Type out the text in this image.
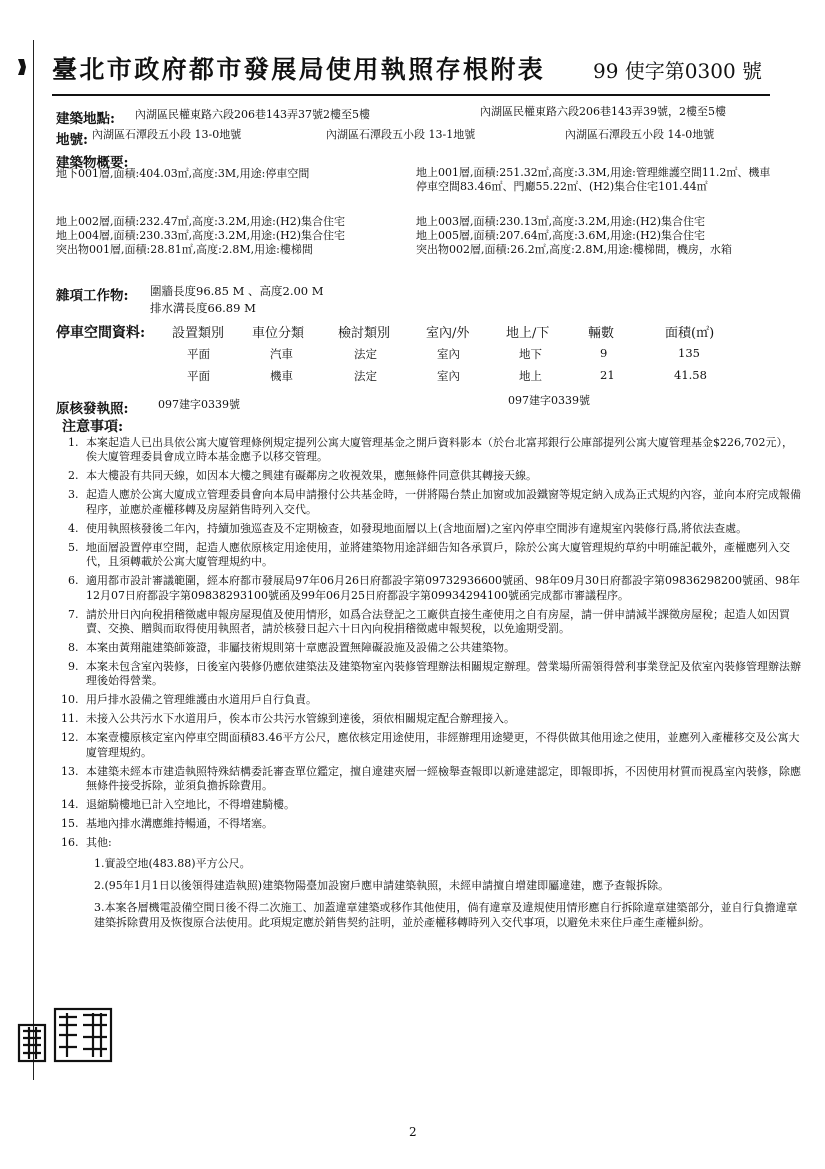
臺北市政府都市發展局使用執照存根附表 99 使字第0300 號
建築地點: 內湖區民權東路六段206巷143弄37號2樓至5樓	內湖區民權東路六段206巷143弄39號，2樓至5樓
地號: 內湖區石潭段五小段 13-0地號	內湖區石潭段五小段 13-1地號	內湖區石潭段五小段 14-0地號
建築物概要:
地下001層,面積:404.03㎡,高度:3M,用途:停車空間	地上001層,面積:251.32㎡,高度:3.3M,用途:管理維護空間11.2㎡、機車停車空間83.46㎡、門廳55.22㎡、(H2)集合住宅101.44㎡
地上002層,面積:232.47㎡,高度:3.2M,用途:(H2)集合住宅
地上004層,面積:230.33㎡,高度:3.2M,用途:(H2)集合住宅
突出物001層,面積:28.81㎡,高度:2.8M,用途:樓梯間
地上003層,面積:230.13㎡,高度:3.2M,用途:(H2)集合住宅
地上005層,面積:207.64㎡,高度:3.6M,用途:(H2)集合住宅
突出物002層,面積:26.2㎡,高度:2.8M,用途:樓梯間，機房，水箱
雜項工作物: 圍牆長度96.85 M 、高度2.00 M
排水溝長度66.89 M
停車空間資料: 設置類別 車位分類	檢討類別	室內/外	地上/下	輛數	面積(㎡)
平面	汽車	法定	室內	地下	9	135
平面	機車	法定	室內	地上	21	41.58
原核發執照:	097建字0339號	097建字0339號
注意事項:
1. 本案起造人已出具依公寓大廈管理條例規定提列公寓大廈管理基金之開戶資料影本（於台北富邦銀行公庫部提列公寓大廈管理基金$226,702元），俟大廈管理委員會成立時本基金應予以移交管理。
2. 本大樓設有共同天線，如因本大樓之興建有礙鄰房之收視效果，應無條件同意供其轉接天線。
3. 起造人應於公寓大廈成立管理委員會向本局申請撥付公共基金時，一併將陽台禁止加窗或加設鐵窗等規定納入成為正式規約內容，並向本府完成報備程序，並應於產權移轉及房屋銷售時列入交代。
4. 使用執照核發後二年內，持續加強巡查及不定期檢查，如發現地面層以上(含地面層)之室內停車空間涉有違規室內裝修行爲,將依法查處。
5. 地面層設置停車空間，起造人應依原核定用途使用，並將建築物用途詳細告知各承買戶，除於公寓大廈管理規約草約中明確記載外，產權應列入交代，且須轉載於公寓大廈管理規約中。
6. 適用都市設計審議範圍，經本府都市發展局97年06月26日府都設字第09732936600號函、98年09月30日府都設字第09836298200號函、98年12月07日府都設字第09838293100號函及99年06月25日府都設字第09934294100號函完成都市審議程序。
7. 請於卅日內向稅捐稽徵處申報房屋現值及使用情形，如爲合法登記之工廠供直接生產使用之自有房屋，請一併申請減半課徵房屋稅；起造人如因買賣、交換、贈與而取得使用執照者，請於核發日起六十日內向稅捐稽徵處申報契稅，以免逾期受罰。
8. 本案由黃翔龍建築師簽證，非屬技術規則第十章應設置無障礙設施及設備之公共建築物。
9. 本案未包含室內裝修，日後室內裝修仍應依建築法及建築物室內裝修管理辦法相關規定辦理。營業場所需領得營利事業登記及依室內裝修管理辦法辦理後始得營業。
10. 用戶排水設備之管理維護由水道用戶自行負責。
11. 未接入公共污水下水道用戶，俟本市公共污水管線到達後，須依相關規定配合辦理接入。
12. 本案壹樓原核定室內停車空間面積83.46平方公尺，應依核定用途使用，非經辦理用途變更，不得供做其他用途之使用，並應列入產權移交及公寓大廈管理規約。
13. 本建築未經本市建造執照特殊結構委託審查單位鑑定，擅自違建夾層一經檢舉查報即以新違建認定，即報即拆，不因使用材質而視爲室內裝修，除應無條件接受拆除，並須負擔拆除費用。
14. 退縮騎樓地已計入空地比，不得增建騎樓。
15. 基地內排水溝應維持暢通，不得堵塞。
16. 其他:
1.實設空地(483.88)平方公尺。
2.(95年1月1日以後領得建造執照)建築物陽臺加設窗戶應申請建築執照，未經申請擅自增建即屬違建，應予查報拆除。
3.本案各層機電設備空間日後不得二次施工、加蓋違章建築或移作其他使用，倘有違章及違規使用情形應自行拆除違章建築部分，並自行負擔違章建築拆除費用及恢復原合法使用。此項規定應於銷售契約註明，並於產權移轉時列入交代事項，以避免未來住戶產生產權糾紛。
2
